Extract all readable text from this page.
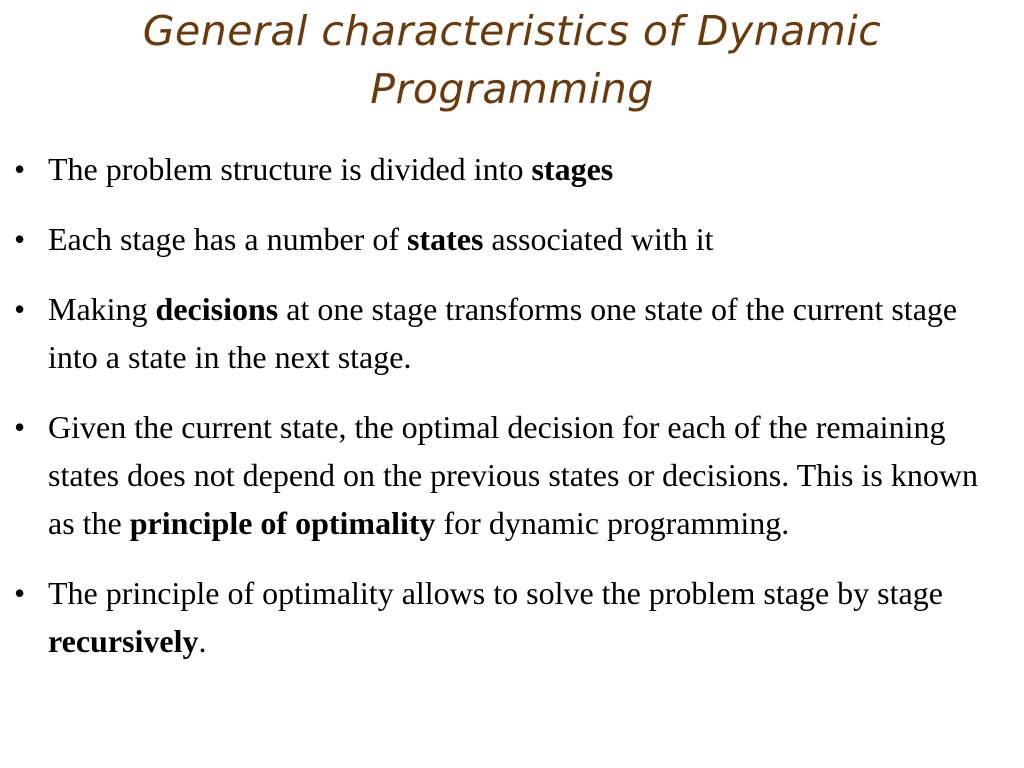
General characteristics of Dynamic
Programming
• The problem structure is divided into stages
• Each stage has a number of states associated with it
• Making decisions at one stage transforms one state of the current stage into a state in the next stage.
• Given the current state, the optimal decision for each of the remaining states does not depend on the previous states or decisions. This is known as the principle of optimality for dynamic programming.
• The principle of optimality allows to solve the problem stage by stage recursively.
